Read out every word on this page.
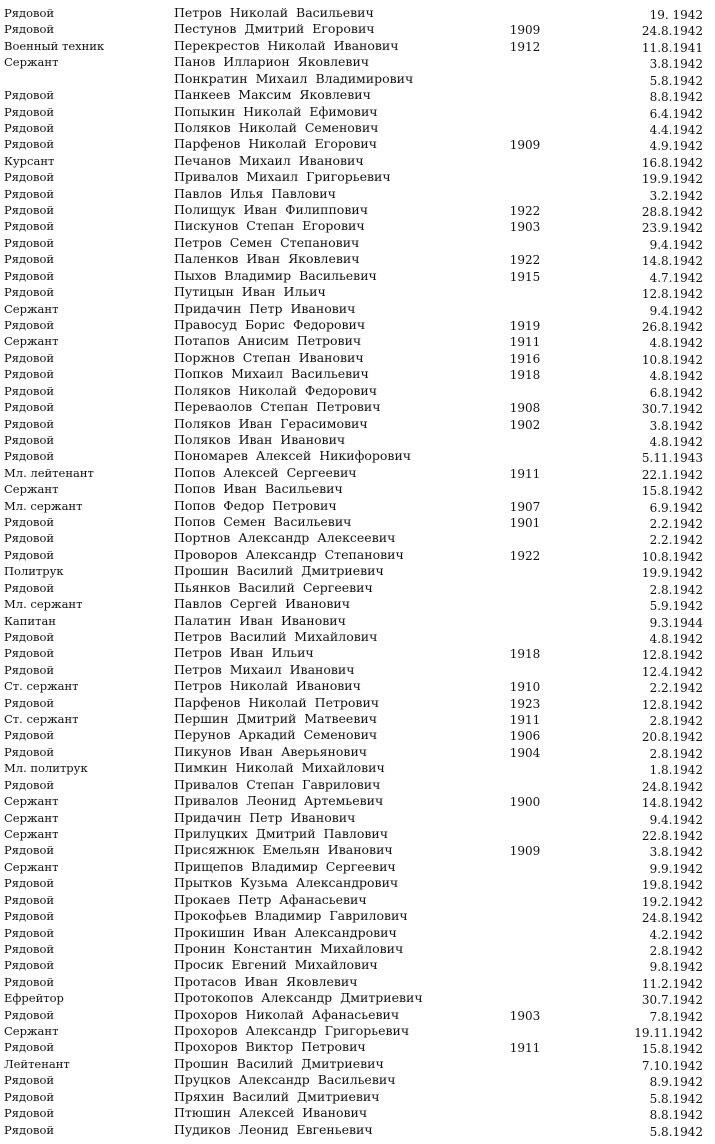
Рядовой	Петров Николай Васильевич	19. 1942
Рядовой	Пестунов Дмитрий Егорович	1909	24.8.1942
Военный техник	Перекрестов Николай Иванович	1912	11.8.1941
Сержант	Панов Илларион Яковлевич	3.8.1942
Понкратин Михаил Владимирович	5.8.1942
Рядовой	Панкеев Максим Яковлевич	8.8.1942
Рядовой	Попыкин Николай Ефимович	6.4.1942
Рядовой	Поляков Николай Семенович	4.4.1942
Рядовой	Парфенов Николай Егорович	1909	4.9.1942
Курсант	Печанов Михаил Иванович	16.8.1942
Рядовой	Привалов Михаил Григорьевич	19.9.1942
Рядовой	Павлов Илья Павлович	3.2.1942
Рядовой	Полищук Иван Филиппович	1922	28.8.1942
Рядовой	Пискунов Степан Егорович	1903	23.9.1942
Рядовой	Петров Семен Степанович	9.4.1942
Рядовой	Паленков Иван Яковлевич	1922	14.8.1942
Рядовой	Пыхов Владимир Васильевич	1915	4.7.1942
Рядовой	Путицын Иван Ильич	12.8.1942
Сержант	Придачин Петр Иванович	9.4.1942
Рядовой	Правосуд Борис Федорович	1919	26.8.1942
Сержант	Потапов Анисим Петрович	1911	4.8.1942
Рядовой	Поржнов Степан Иванович	1916	10.8.1942
Рядовой	Попков Михаил Васильевич	1918	4.8.1942
Рядовой	Поляков Николай Федорович	6.8.1942
Рядовой	Переваолов Степан Петрович	1908	30.7.1942
Рядовой	Поляков Иван Герасимович	1902	3.8.1942
Рядовой	Поляков Иван Иванович	4.8.1942
Рядовой	Пономарев Алексей Никифорович	5.11.1943
Мл. лейтенант	Попов Алексей Сергеевич	1911	22.1.1942
Сержант	Попов Иван Васильевич	15.8.1942
Мл. сержант	Попов Федор Петрович	1907	6.9.1942
Рядовой	Попов Семен Васильевич	1901	2.2.1942
Рядовой	Портнов Александр Алексеевич	2.2.1942
Рядовой	Проворов Александр Степанович	1922	10.8.1942
Политрук	Прошин Василий Дмитриевич	19.9.1942
Рядовой	Пьянков Василий Сергеевич	2.8.1942
Мл. сержант	Павлов Сергей Иванович	5.9.1942
Капитан	Палатин Иван Иванович	9.3.1944
Рядовой	Петров Василий Михайлович	4.8.1942
Рядовой	Петров Иван Ильич	1918	12.8.1942
Рядовой	Петров Михаил Иванович	12.4.1942
Ст. сержант	Петров Николай Иванович	1910	2.2.1942
Рядовой	Парфенов Николай Петрович	1923	12.8.1942
Ст. сержант	Першин Дмитрий Матвеевич	1911	2.8.1942
Рядовой	Перунов Аркадий Семенович	1906	20.8.1942
Рядовой	Пикунов Иван Аверьянович	1904	2.8.1942
Мл. политрук	Пимкин Николай Михайлович	1.8.1942
Рядовой	Привалов Степан Гаврилович	24.8.1942
Сержант	Привалов Леонид Артемьевич	1900	14.8.1942
Сержант	Придачин Петр Иванович	9.4.1942
Сержант	Прилуцких Дмитрий Павлович	22.8.1942
Рядовой	Присяжнюк Емельян Иванович	1909	3.8.1942
Сержант	Прищепов Владимир Сергеевич	9.9.1942
Рядовой	Прытков Кузьма Александрович	19.8.1942
Рядовой	Прокаев Петр Афанасьевич	19.2.1942
Рядовой	Прокофьев Владимир Гаврилович	24.8.1942
Рядовой	Прокишин Иван Александрович	4.2.1942
Рядовой	Пронин Константин Михайлович	2.8.1942
Рядовой	Просик Евгений Михайлович	9.8.1942
Рядовой	Протасов Иван Яковлевич	11.2.1942
Ефрейтор	Протокопов Александр Дмитриевич	30.7.1942
Рядовой	Прохоров Николай Афанасьевич	1903	7.8.1942
Сержант	Прохоров Александр Григорьевич	19.11.1942
Рядовой	Прохоров Виктор Петрович	1911	15.8.1942
Лейтенант	Прошин Василий Дмитриевич	7.10.1942
Рядовой	Пруцков Александр Васильевич	8.9.1942
Рядовой	Пряхин Василий Дмитриевич	5.8.1942
Рядовой	Птюшин Алексей Иванович	8.8.1942
Рядовой	Пудиков Леонид Евгеньевич	5.8.1942
